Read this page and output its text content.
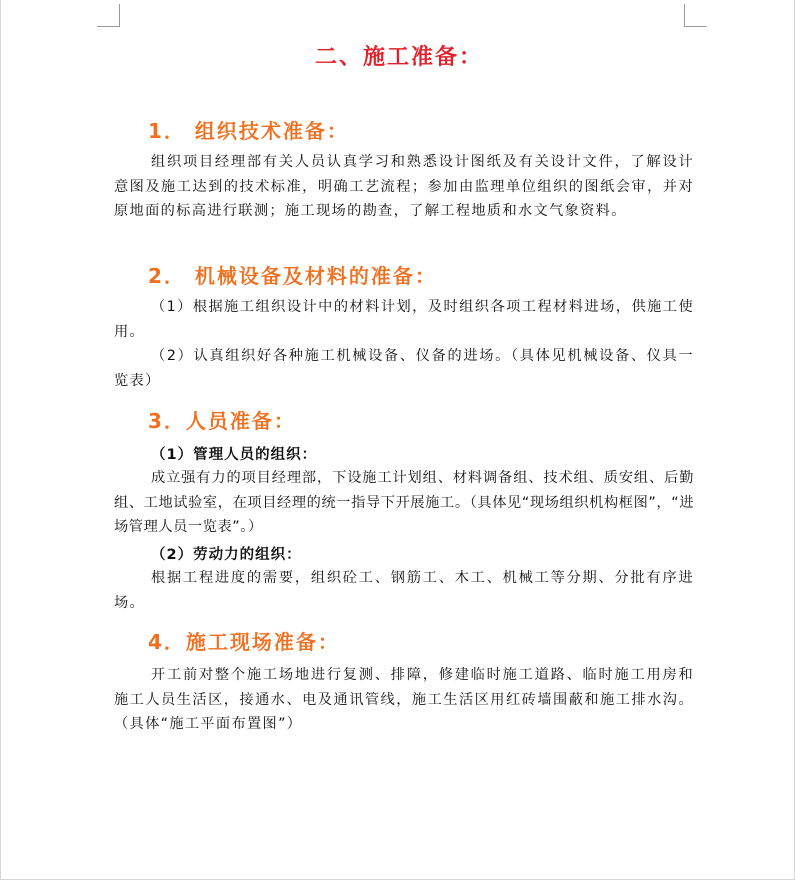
二、施工准备：
1． 组织技术准备：

组织项目经理部有关人员认真学习和熟悉设计图纸及有关设计文件，了解设计意图及施工达到的技术标准，明确工艺流程；参加由监理单位组织的图纸会审，并对原地面的标高进行联测；施工现场的勘查，了解工程地质和水文气象资料。

2． 机械设备及材料的准备：

（1）根据施工组织设计中的材料计划，及时组织各项工程材料进场，供施工使用。

（2）认真组织好各种施工机械设备、仪备的进场。（具体见机械设备、仪具一览表）

3．人员准备：
（1）管理人员的组织：

成立强有力的项目经理部，下设施工计划组、材料调备组、技术组、质安组、后勤组、工地试验室，在项目经理的统一指导下开展施工。（具体见“现场组织机构框图”，“进场管理人员一览表”。）

（2）劳动力的组织：

根据工程进度的需要，组织砼工、钢筋工、木工、机械工等分期、分批有序进场。

4．施工现场准备：

开工前对整个施工场地进行复测、排障，修建临时施工道路、临时施工用房和施工人员生活区，接通水、电及通讯管线，施工生活区用红砖墙围蔽和施工排水沟。（具体“施工平面布置图”）
